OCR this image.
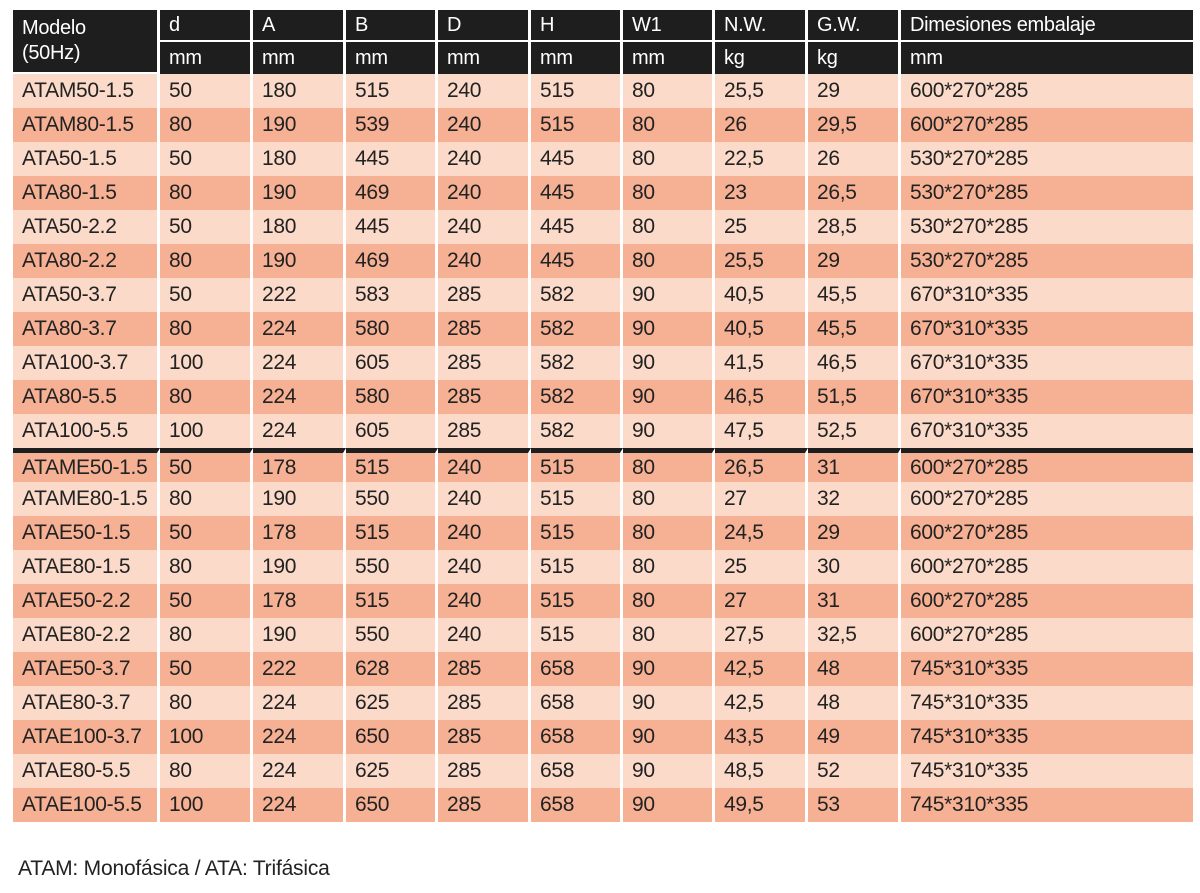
Modelo
(50Hz)	d	A	B	D	H	W1	N.W.	G.W.	Dimesiones embalaje
	mm	mm	mm	mm	mm	mm	kg	kg	mm
ATAM50-1.5	50	180	515	240	515	80	25,5	29	600*270*285
ATAM80-1.5	80	190	539	240	515	80	26	29,5	600*270*285
ATA50-1.5	50	180	445	240	445	80	22,5	26	530*270*285
ATA80-1.5	80	190	469	240	445	80	23	26,5	530*270*285
ATA50-2.2	50	180	445	240	445	80	25	28,5	530*270*285
ATA80-2.2	80	190	469	240	445	80	25,5	29	530*270*285
ATA50-3.7	50	222	583	285	582	90	40,5	45,5	670*310*335
ATA80-3.7	80	224	580	285	582	90	40,5	45,5	670*310*335
ATA100-3.7	100	224	605	285	582	90	41,5	46,5	670*310*335
ATA80-5.5	80	224	580	285	582	90	46,5	51,5	670*310*335
ATA100-5.5	100	224	605	285	582	90	47,5	52,5	670*310*335
ATAME50-1.5	50	178	515	240	515	80	26,5	31	600*270*285
ATAME80-1.5	80	190	550	240	515	80	27	32	600*270*285
ATAE50-1.5	50	178	515	240	515	80	24,5	29	600*270*285
ATAE80-1.5	80	190	550	240	515	80	25	30	600*270*285
ATAE50-2.2	50	178	515	240	515	80	27	31	600*270*285
ATAE80-2.2	80	190	550	240	515	80	27,5	32,5	600*270*285
ATAE50-3.7	50	222	628	285	658	90	42,5	48	745*310*335
ATAE80-3.7	80	224	625	285	658	90	42,5	48	745*310*335
ATAE100-3.7	100	224	650	285	658	90	43,5	49	745*310*335
ATAE80-5.5	80	224	625	285	658	90	48,5	52	745*310*335
ATAE100-5.5	100	224	650	285	658	90	49,5	53	745*310*335

ATAM: Monofásica / ATA: Trifásica
